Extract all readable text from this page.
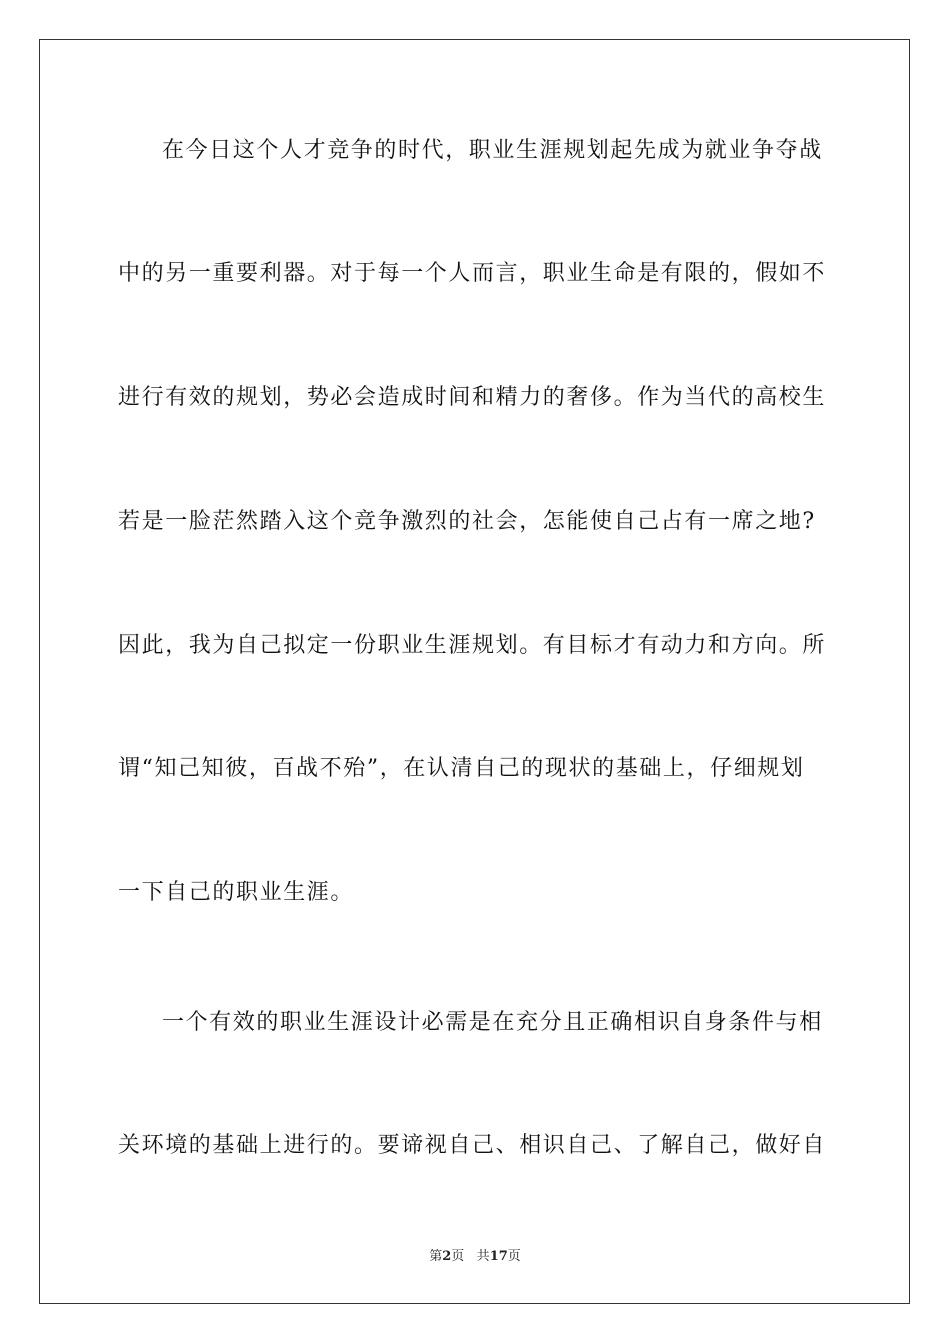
在今日这个人才竞争的时代，职业生涯规划起先成为就业争夺战
中的另一重要利器。对于每一个人而言，职业生命是有限的，假如不
进行有效的规划，势必会造成时间和精力的奢侈。作为当代的高校生
若是一脸茫然踏入这个竞争激烈的社会，怎能使自己占有一席之地?
因此，我为自己拟定一份职业生涯规划。有目标才有动力和方向。所
谓“知己知彼，百战不殆”，在认清自己的现状的基础上，仔细规划
一下自己的职业生涯。
一个有效的职业生涯设计必需是在充分且正确相识自身条件与相
关环境的基础上进行的。要谛视自己、相识自己、了解自己，做好自
第2页 共17页
